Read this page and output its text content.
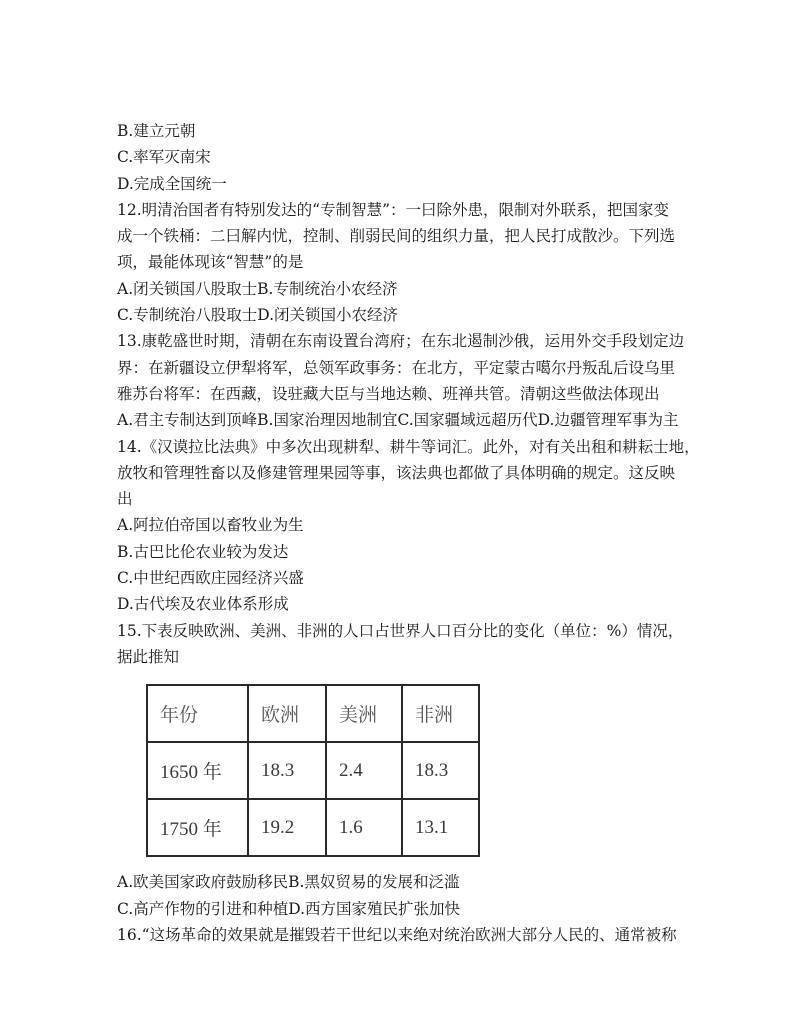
B.建立元朝
C.率军灭南宋
D.完成全国统一
12.明清治国者有特别发达的“专制智慧”：一曰除外患，限制对外联系，把国家变
成一个铁桶：二曰解内忧，控制、削弱民间的组织力量，把人民打成散沙。下列选
项，最能体现该“智慧”的是
A.闭关锁国八股取士B.专制统治小农经济
C.专制统治八股取士D.闭关锁国小农经济
13.康乾盛世时期，清朝在东南设置台湾府；在东北遏制沙俄，运用外交手段划定边
界：在新疆设立伊犁将军，总领军政事务：在北方，平定蒙古噶尔丹叛乱后设乌里
雅苏台将军：在西藏，设驻藏大臣与当地达赖、班禅共管。清朝这些做法体现出
A.君主专制达到顶峰B.国家治理因地制宜C.国家疆域远超历代D.边疆管理军事为主
14.《汉谟拉比法典》中多次出现耕犁、耕牛等词汇。此外，对有关出租和耕耘士地，
放牧和管理牲畜以及修建管理果园等事，该法典也都做了具体明确的规定。这反映
出
A.阿拉伯帝国以畜牧业为生
B.古巴比伦农业较为发达
C.中世纪西欧庄园经济兴盛
D.古代埃及农业体系形成
15.下表反映欧洲、美洲、非洲的人口占世界人口百分比的变化（单位：%）情况，
据此推知
年份	欧洲	美洲	非洲
1650 年	18.3	2.4	18.3
1750 年	19.2	1.6	13.1
A.欧美国家政府鼓励移民B.黑奴贸易的发展和泛滥
C.高产作物的引进和种植D.西方国家殖民扩张加快
16.“这场革命的效果就是摧毁若干世纪以来绝对统治欧洲大部分人民的、通常被称
